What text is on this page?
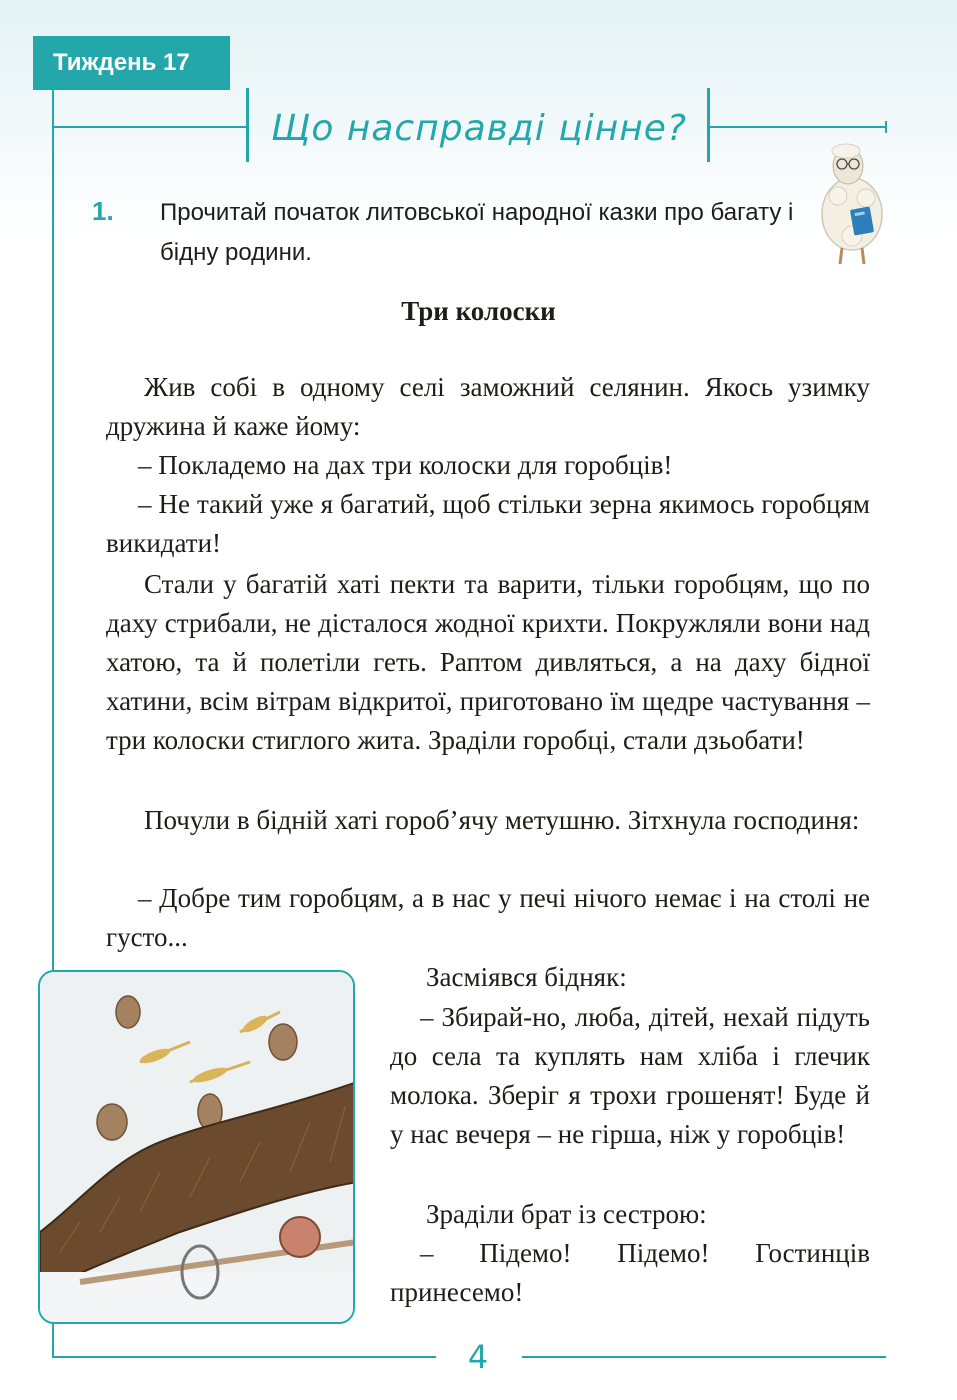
Тиждень 17
Що насправді цінне?
1. Прочитай початок литовської народної казки про багату і бідну родини.
Три колоски

Жив собі в одному селі заможний селянин. Якось узимку дружина й каже йому:

– Покладемо на дах три колоски для горобців!

– Не такий уже я багатий, щоб стільки зерна якимось горобцям викидати!

Стали у багатій хаті пекти та варити, тільки горобцям, що по даху стрибали, не дісталося жодної крихти. Покружляли вони над хатою, та й полетіли геть. Раптом дивляться, а на даху бідної хатини, всім вітрам відкритої, приготовано їм щедре частування – три колоски стиглого жита. Зраділи горобці, стали дзьобати!

Почули в бідній хаті гороб’ячу метушню. Зітхнула господиня:

– Добре тим горобцям, а в нас у печі нічого немає і на столі не густо...

Засміявся бідняк:

– Збирай-но, люба, дітей, нехай підуть до села та куплять нам хліба і глечик молока. Зберіг я трохи грошенят! Буде й у нас вечеря – не гірша, ніж у горобців!

Зраділи брат із сестрою:

– Підемо! Підемо! Гостинців принесемо!

4
